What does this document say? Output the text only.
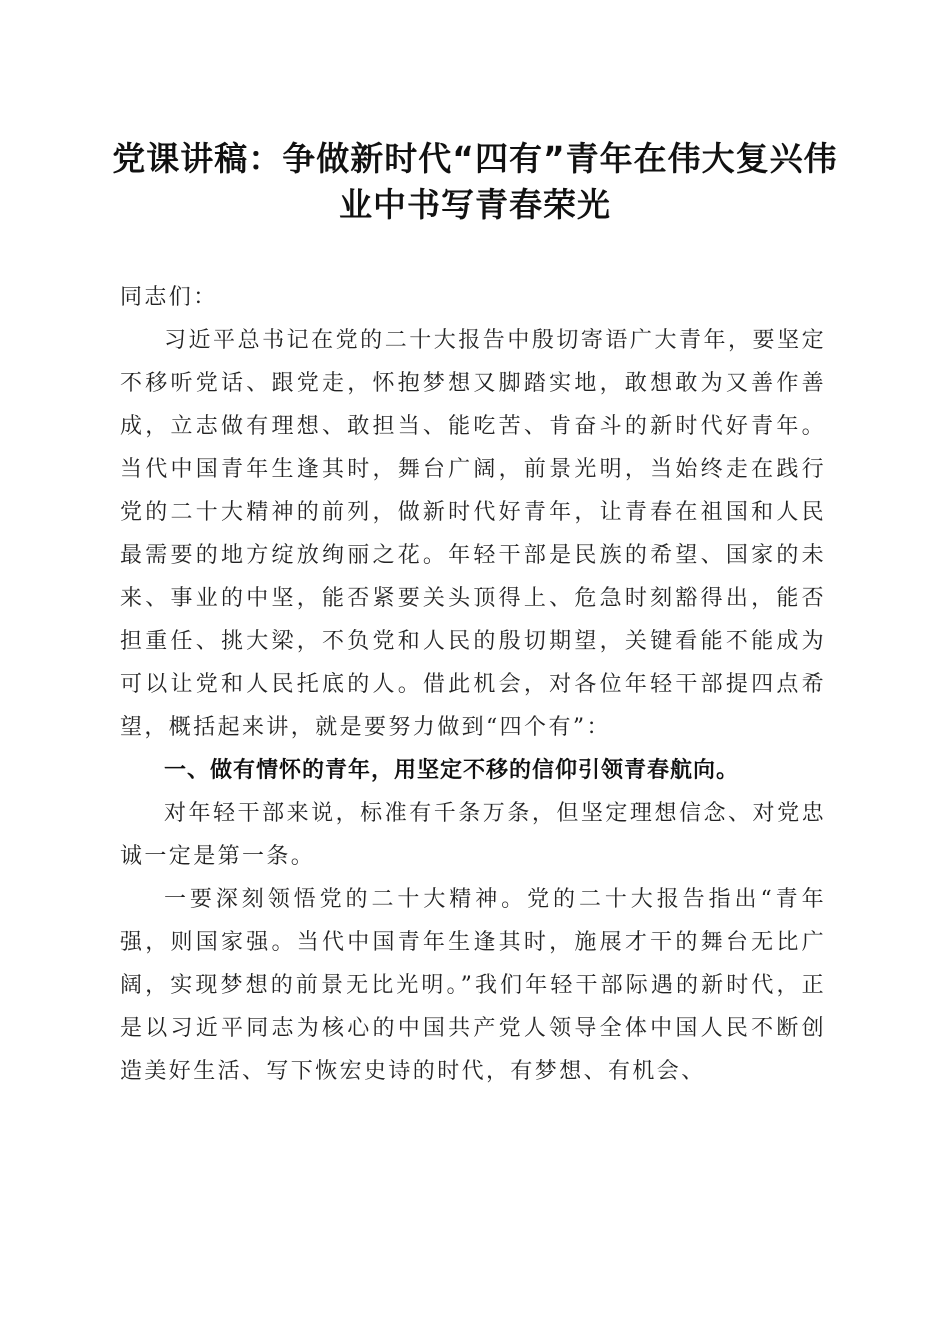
党课讲稿：争做新时代“四有”青年在伟大复兴伟业中书写青春荣光

同志们：

习近平总书记在党的二十大报告中殷切寄语广大青年，要坚定不移听党话、跟党走，怀抱梦想又脚踏实地，敢想敢为又善作善成，立志做有理想、敢担当、能吃苦、肯奋斗的新时代好青年。当代中国青年生逢其时，舞台广阔，前景光明，当始终走在践行党的二十大精神的前列，做新时代好青年，让青春在祖国和人民最需要的地方绽放绚丽之花。年轻干部是民族的希望、国家的未来、事业的中坚，能否紧要关头顶得上、危急时刻豁得出，能否担重任、挑大梁，不负党和人民的殷切期望，关键看能不能成为可以让党和人民托底的人。借此机会，对各位年轻干部提四点希望，概括起来讲，就是要努力做到“四个有”：

一、做有情怀的青年，用坚定不移的信仰引领青春航向。

对年轻干部来说，标准有千条万条，但坚定理想信念、对党忠诚一定是第一条。

一要深刻领悟党的二十大精神。党的二十大报告指出“青年强，则国家强。当代中国青年生逢其时，施展才干的舞台无比广阔，实现梦想的前景无比光明。”我们年轻干部际遇的新时代，正是以习近平同志为核心的中国共产党人领导全体中国人民不断创造美好生活、写下恢宏史诗的时代，有梦想、有机会、
